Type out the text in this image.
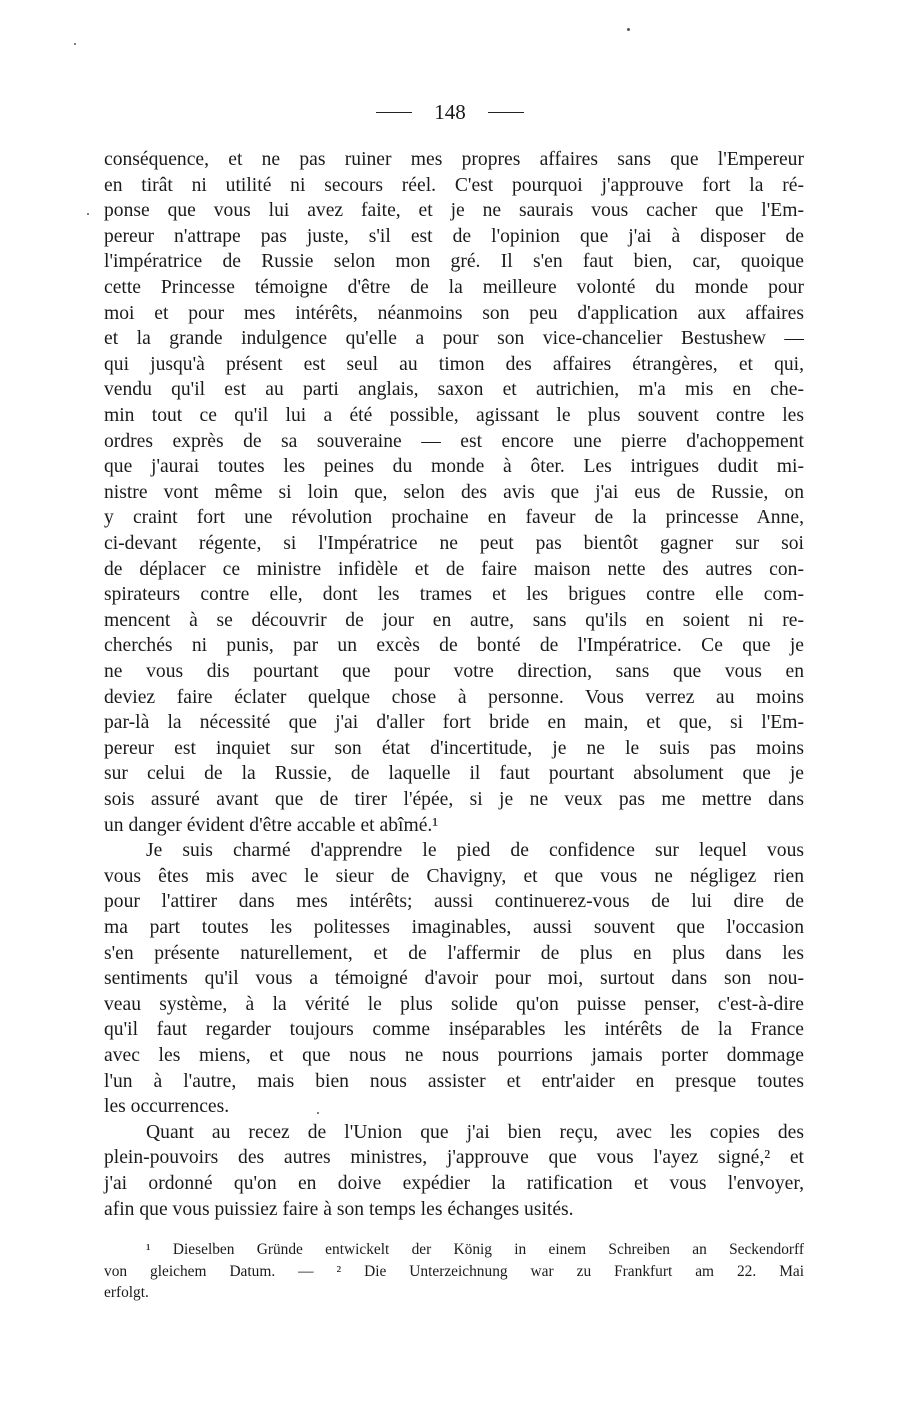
148
conséquence, et ne pas ruiner mes propres affaires sans que l'Empereur
en tirât ni utilité ni secours réel. C'est pourquoi j'approuve fort la ré-
ponse que vous lui avez faite, et je ne saurais vous cacher que l'Em-
pereur n'attrape pas juste, s'il est de l'opinion que j'ai à disposer de
l'impératrice de Russie selon mon gré. Il s'en faut bien, car, quoique
cette Princesse témoigne d'être de la meilleure volonté du monde pour
moi et pour mes intérêts, néanmoins son peu d'application aux affaires
et la grande indulgence qu'elle a pour son vice-chancelier Bestushew —
qui jusqu'à présent est seul au timon des affaires étrangères, et qui,
vendu qu'il est au parti anglais, saxon et autrichien, m'a mis en che-
min tout ce qu'il lui a été possible, agissant le plus souvent contre les
ordres exprès de sa souveraine — est encore une pierre d'achoppement
que j'aurai toutes les peines du monde à ôter. Les intrigues dudit mi-
nistre vont même si loin que, selon des avis que j'ai eus de Russie, on
y craint fort une révolution prochaine en faveur de la princesse Anne,
ci-devant régente, si l'Impératrice ne peut pas bientôt gagner sur soi
de déplacer ce ministre infidèle et de faire maison nette des autres con-
spirateurs contre elle, dont les trames et les brigues contre elle com-
mencent à se découvrir de jour en autre, sans qu'ils en soient ni re-
cherchés ni punis, par un excès de bonté de l'Impératrice. Ce que je
ne vous dis pourtant que pour votre direction, sans que vous en
deviez faire éclater quelque chose à personne. Vous verrez au moins
par-là la nécessité que j'ai d'aller fort bride en main, et que, si l'Em-
pereur est inquiet sur son état d'incertitude, je ne le suis pas moins
sur celui de la Russie, de laquelle il faut pourtant absolument que je
sois assuré avant que de tirer l'épée, si je ne veux pas me mettre dans
un danger évident d'être accable et abîmé.¹
Je suis charmé d'apprendre le pied de confidence sur lequel vous
vous êtes mis avec le sieur de Chavigny, et que vous ne négligez rien
pour l'attirer dans mes intérêts; aussi continuerez-vous de lui dire de
ma part toutes les politesses imaginables, aussi souvent que l'occasion
s'en présente naturellement, et de l'affermir de plus en plus dans les
sentiments qu'il vous a témoigné d'avoir pour moi, surtout dans son nou-
veau système, à la vérité le plus solide qu'on puisse penser, c'est-à-dire
qu'il faut regarder toujours comme inséparables les intérêts de la France
avec les miens, et que nous ne nous pourrions jamais porter dommage
l'un à l'autre, mais bien nous assister et entr'aider en presque toutes
les occurrences.
Quant au recez de l'Union que j'ai bien reçu, avec les copies des
plein-pouvoirs des autres ministres, j'approuve que vous l'ayez signé,² et
j'ai ordonné qu'on en doive expédier la ratification et vous l'envoyer,
afin que vous puissiez faire à son temps les échanges usités.
¹ Dieselben Gründe entwickelt der König in einem Schreiben an Seckendorff
von gleichem Datum. — ² Die Unterzeichnung war zu Frankfurt am 22. Mai
erfolgt.
